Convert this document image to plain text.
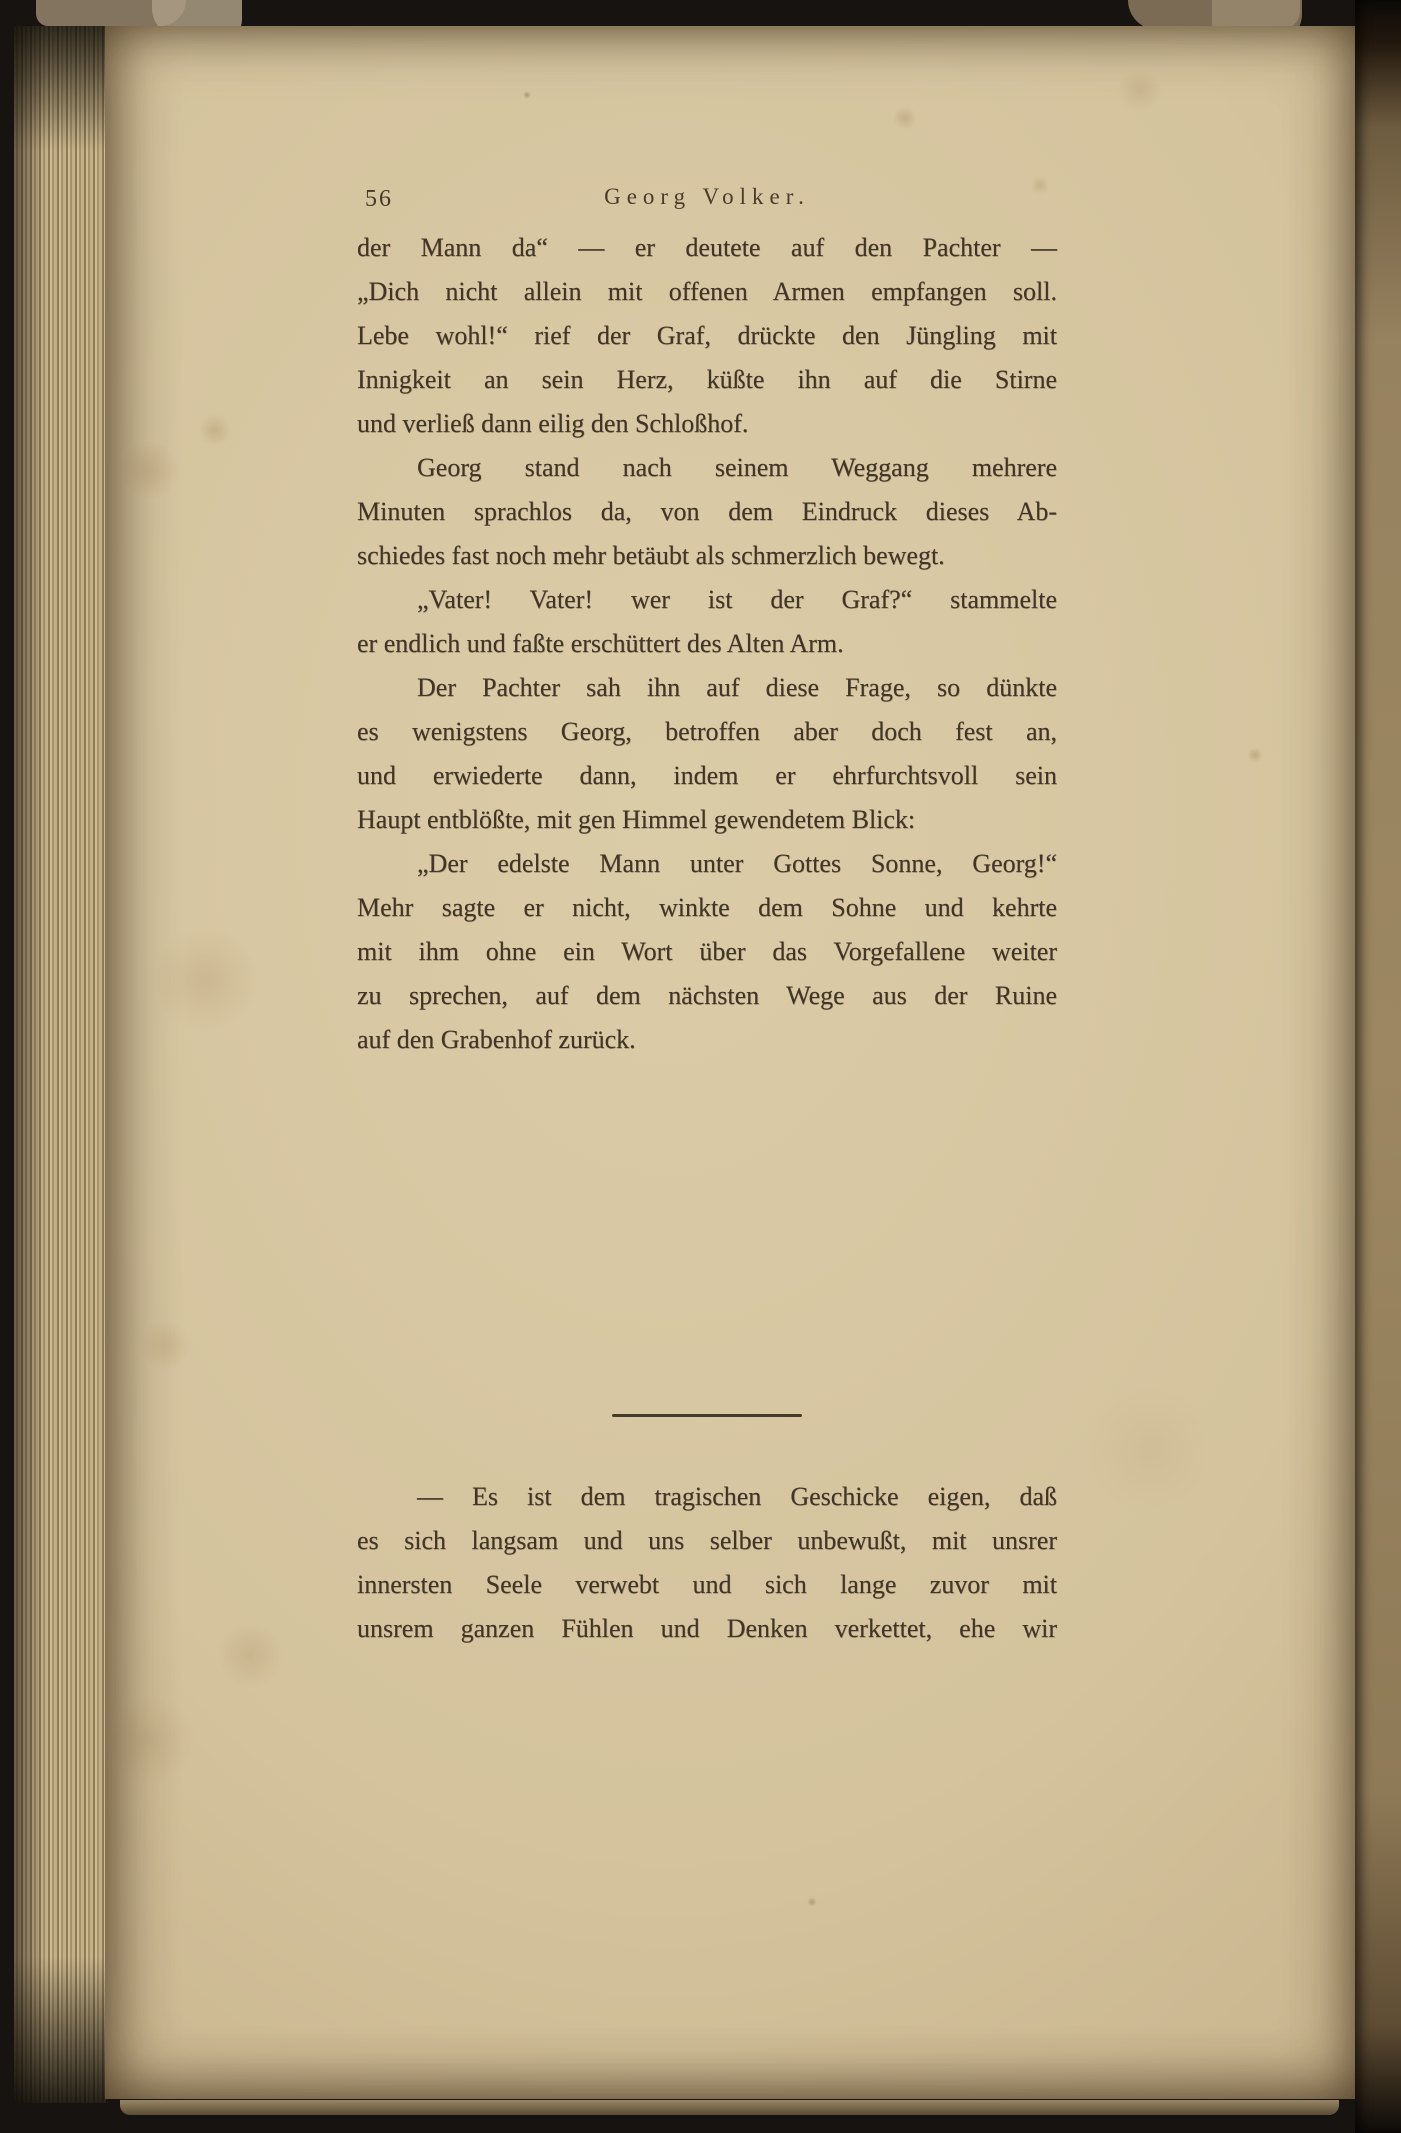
56	Georg Volker.
der Mann da“ — er deutete auf den Pachter —
„Dich nicht allein mit offenen Armen empfangen soll.
Lebe wohl!“ rief der Graf, drückte den Jüngling mit
Innigkeit an sein Herz, küßte ihn auf die Stirne
und verließ dann eilig den Schloßhof.
Georg stand nach seinem Weggang mehrere
Minuten sprachlos da, von dem Eindruck dieses Ab-
schiedes fast noch mehr betäubt als schmerzlich bewegt.
„Vater! Vater! wer ist der Graf?“ stammelte
er endlich und faßte erschüttert des Alten Arm.
Der Pachter sah ihn auf diese Frage, so dünkte
es wenigstens Georg, betroffen aber doch fest an,
und erwiederte dann, indem er ehrfurchtsvoll sein
Haupt entblößte, mit gen Himmel gewendetem Blick:
„Der edelste Mann unter Gottes Sonne, Georg!“
Mehr sagte er nicht, winkte dem Sohne und kehrte
mit ihm ohne ein Wort über das Vorgefallene weiter
zu sprechen, auf dem nächsten Wege aus der Ruine
auf den Grabenhof zurück.
— Es ist dem tragischen Geschicke eigen, daß
es sich langsam und uns selber unbewußt, mit unsrer
innersten Seele verwebt und sich lange zuvor mit
unsrem ganzen Fühlen und Denken verkettet, ehe wir
